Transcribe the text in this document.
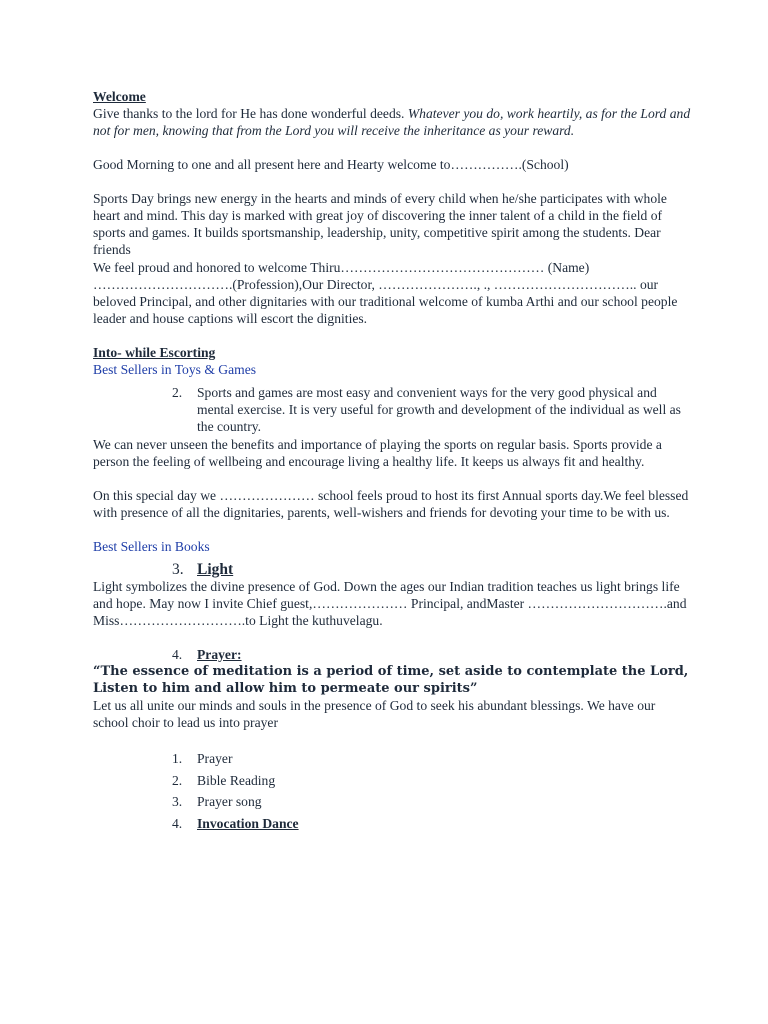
Welcome

Give thanks to the lord for He has done wonderful deeds. Whatever you do, work heartily, as for the Lord and not for men, knowing that from the Lord you will receive the inheritance as your reward.

Good Morning to one and all present here and Hearty welcome to…………….(School)

Sports Day brings new energy in the hearts and minds of every child when he/she participates with whole heart and mind. This day is marked with great joy of discovering the inner talent of a child in the field of sports and games. It builds sportsmanship, leadership, unity, competitive spirit among the students. Dear friends

We feel proud and honored to welcome Thiru……………………………………… (Name) ………………………….(Profession),Our Director, …………………., ., ………………………….. our beloved Principal, and other dignitaries with our traditional welcome of kumba Arthi and our school people leader and house captions will escort the dignities.

Into- while Escorting

Best Sellers in Toys & Games

2.	Sports and games are most easy and convenient ways for the very good physical and mental exercise. It is very useful for growth and development of the individual as well as the country.

We can never unseen the benefits and importance of playing the sports on regular basis. Sports provide a person the feeling of wellbeing and encourage living a healthy life. It keeps us always fit and healthy.

On this special day we ………………… school feels proud to host its first Annual sports day.We feel blessed with presence of all the dignitaries, parents, well-wishers and friends for devoting your time to be with us.

Best Sellers in Books

3. Light

Light symbolizes the divine presence of God. Down the ages our Indian tradition teaches us light brings life and hope. May now I invite Chief guest,………………… Principal, andMaster ………………………….and Miss……………………….to Light the kuthuvelagu.

4.	Prayer:

“The essence of meditation is a period of time, set aside to contemplate the Lord, Listen to him and allow him to permeate our spirits”

Let us all unite our minds and souls in the presence of God to seek his abundant blessings. We have our school choir to lead us into prayer

1. Prayer
2. Bible Reading
3. Prayer song
4. Invocation Dance
